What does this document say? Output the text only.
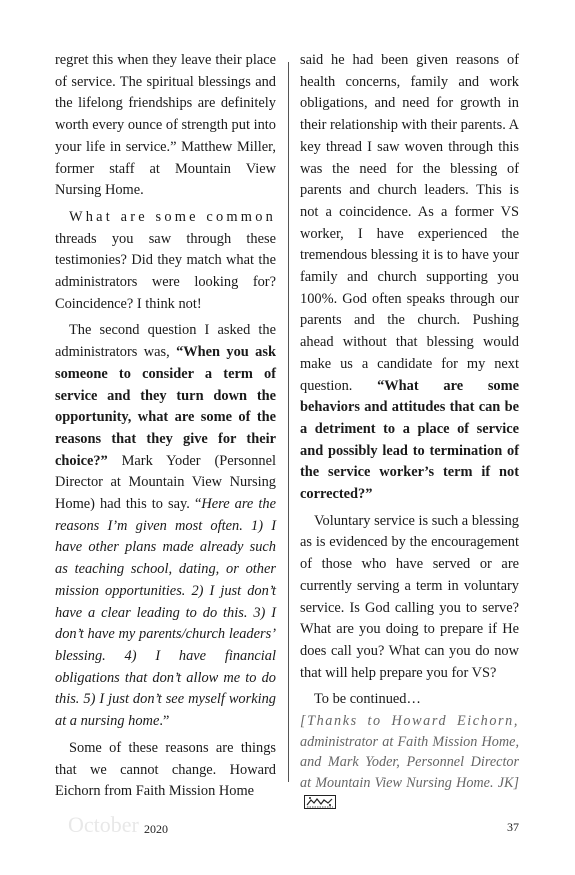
regret this when they leave their place of service. The spiritual blessings and the lifelong friendships are definitely worth every ounce of strength put into your life in service.” Matthew Miller, former staff at Mountain View Nursing Home.

What are some common threads you saw through these testimonies? Did they match what the administrators were looking for? Coincidence? I think not!

The second question I asked the administrators was, “When you ask someone to consider a term of service and they turn down the opportunity, what are some of the reasons that they give for their choice?” Mark Yoder (Personnel Director at Mountain View Nursing Home) had this to say. “Here are the reasons I’m given most often. 1) I have other plans made already such as teaching school, dating, or other mission opportunities. 2) I just don’t have a clear leading to do this. 3) I don’t have my parents/church leaders’ blessing. 4) I have financial obligations that don’t allow me to do this. 5) I just don’t see myself working at a nursing home.”

Some of these reasons are things that we cannot change. Howard Eichorn from Faith Mission Home

said he had been given reasons of health concerns, family and work obligations, and need for growth in their relationship with their parents. A key thread I saw woven through this was the need for the blessing of parents and church leaders. This is not a coincidence. As a former VS worker, I have experienced the tremendous blessing it is to have your family and church supporting you 100%. God often speaks through our parents and the church. Pushing ahead without that blessing would make us a candidate for my next question. “What are some behaviors and attitudes that can be a detriment to a place of service and possibly lead to termination of the service worker’s term if not corrected?”

Voluntary service is such a blessing as is evidenced by the encouragement of those who have served or are currently serving a term in voluntary service. Is God calling you to serve? What are you doing to prepare if He does call you? What can you do now that will help prepare you for VS?

To be continued…

[Thanks to Howard Eichorn, administrator at Faith Mission Home, and Mark Yoder, Personnel Director at Mountain View Nursing Home. JK]

October 2020	37
